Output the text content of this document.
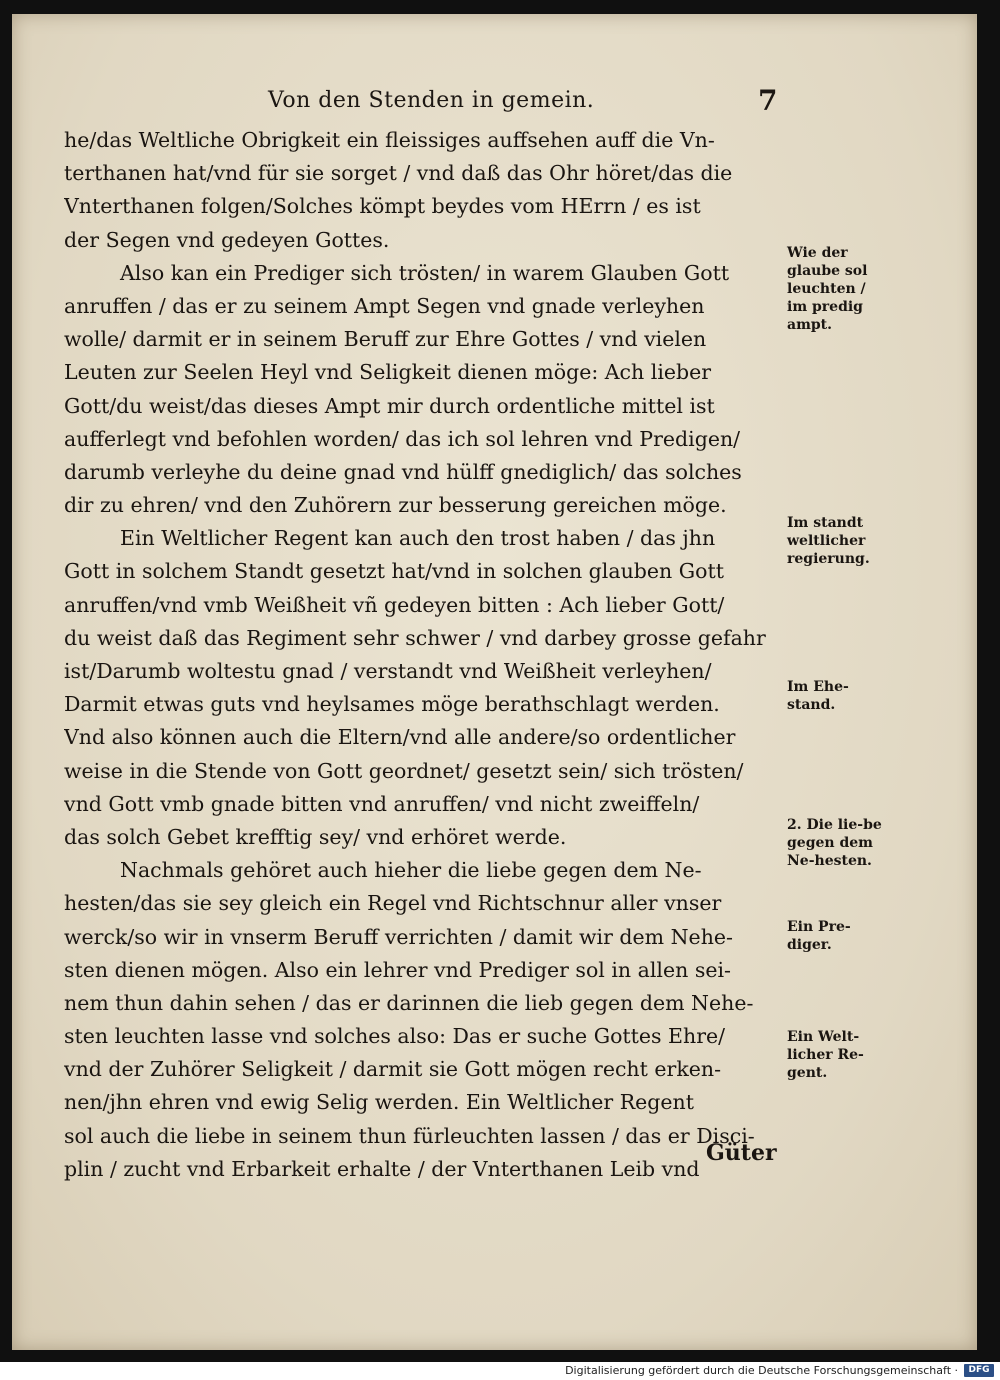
Von den Stenden in gemein.	7
he/das Weltliche Obrigkeit ein fleissiges auffsehen auff die Vn-
terthanen hat/vnd für sie sorget / vnd daß das Ohr höret/das die
Vnterthanen folgen/Solches kömpt beydes vom HErrn / es ist
der Segen vnd gedeyen Gottes.
Also kan ein Prediger sich trösten/ in warem Glauben Gott
anruffen / das er zu seinem Ampt Segen vnd gnade verleyhen
wolle/ darmit er in seinem Beruff zur Ehre Gottes / vnd vielen
Leuten zur Seelen Heyl vnd Seligkeit dienen möge: Ach lieber
Gott/du weist/das dieses Ampt mir durch ordentliche mittel ist
aufferlegt vnd befohlen worden/ das ich sol lehren vnd Predigen/
darumb verleyhe du deine gnad vnd hülff gnediglich/ das solches
dir zu ehren/ vnd den Zuhörern zur besserung gereichen möge.
Ein Weltlicher Regent kan auch den trost haben / das jhn
Gott in solchem Standt gesetzt hat/vnd in solchen glauben Gott
anruffen/vnd vmb Weißheit vñ gedeyen bitten : Ach lieber Gott/
du weist daß das Regiment sehr schwer / vnd darbey grosse gefahr
ist/Darumb woltestu gnad / verstandt vnd Weißheit verleyhen/
Darmit etwas guts vnd heylsames möge berathschlagt werden.
Vnd also können auch die Eltern/vnd alle andere/so ordentlicher
weise in die Stende von Gott geordnet/ gesetzt sein/ sich trösten/
vnd Gott vmb gnade bitten vnd anruffen/ vnd nicht zweiffeln/
das solch Gebet krefftig sey/ vnd erhöret werde.
Nachmals gehöret auch hieher die liebe gegen dem Ne-
hesten/das sie sey gleich ein Regel vnd Richtschnur aller vnser
werck/so wir in vnserm Beruff verrichten / damit wir dem Nehe-
sten dienen mögen. Also ein lehrer vnd Prediger sol in allen sei-
nem thun dahin sehen / das er darinnen die lieb gegen dem Nehe-
sten leuchten lasse vnd solches also: Das er suche Gottes Ehre/
vnd der Zuhörer Seligkeit / darmit sie Gott mögen recht erken-
nen/jhn ehren vnd ewig Selig werden. Ein Weltlicher Regent
sol auch die liebe in seinem thun fürleuchten lassen / das er Disci-
plin / zucht vnd Erbarkeit erhalte / der Vnterthanen Leib vnd
Güter
Wie der glaube sol leuchten / im predig ampt.
Im standt weltlicher regierung.
Im Ehe-stand.
2. Die lie-be gegen dem Ne-hesten.
Ein Pre-diger.
Ein Welt-licher Re-gent.
Digitalisierung gefördert durch die Deutsche Forschungsgemeinschaft ·	DFG
